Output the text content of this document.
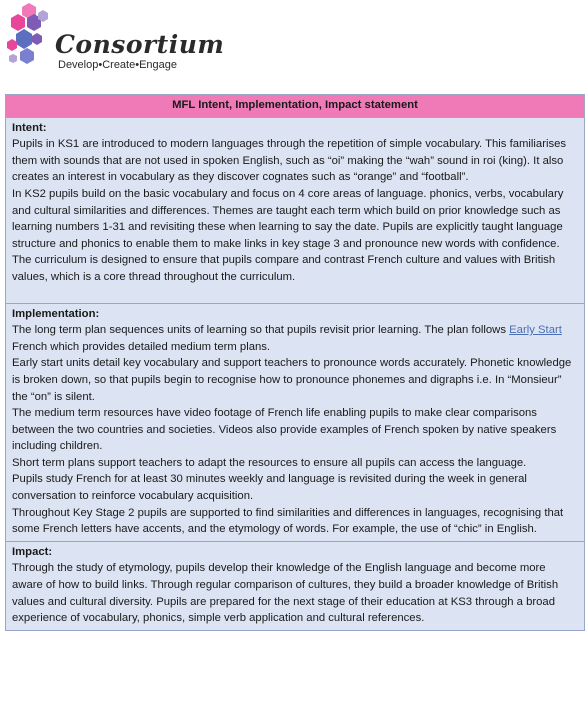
Consortium
Develop•Create•Engage
MFL Intent, Implementation, Impact statement

Intent:

Pupils in KS1 are introduced to modern languages through the repetition of simple vocabulary. This familiarises them with sounds that are not used in spoken English, such as “oi” making the “wah” sound in roi (king). It also creates an interest in vocabulary as they discover cognates such as “orange” and “football”.

In KS2 pupils build on the basic vocabulary and focus on 4 core areas of language. phonics, verbs, vocabulary and cultural similarities and differences. Themes are taught each term which build on prior knowledge such as learning numbers 1-31 and revisiting these when learning to say the date. Pupils are explicitly taught language structure and phonics to enable them to make links in key stage 3 and pronounce new words with confidence.

The curriculum is designed to ensure that pupils compare and contrast French culture and values with British values, which is a core thread throughout the curriculum.

Implementation:

The long term plan sequences units of learning so that pupils revisit prior learning. The plan follows Early Start French which provides detailed medium term plans.

Early start units detail key vocabulary and support teachers to pronounce words accurately. Phonetic knowledge is broken down, so that pupils begin to recognise how to pronounce phonemes and digraphs i.e. In “Monsieur” the “on” is silent.

The medium term resources have video footage of French life enabling pupils to make clear comparisons between the two countries and societies. Videos also provide examples of French spoken by native speakers including children.

Short term plans support teachers to adapt the resources to ensure all pupils can access the language.

Pupils study French for at least 30 minutes weekly and language is revisited during the week in general conversation to reinforce vocabulary acquisition.

Throughout Key Stage 2 pupils are supported to find similarities and differences in languages, recognising that some French letters have accents, and the etymology of words. For example, the use of “chic” in English.

Impact:

Through the study of etymology, pupils develop their knowledge of the English language and become more aware of how to build links. Through regular comparison of cultures, they build a broader knowledge of British values and cultural diversity. Pupils are prepared for the next stage of their education at KS3 through a broad experience of vocabulary, phonics, simple verb application and cultural references.
